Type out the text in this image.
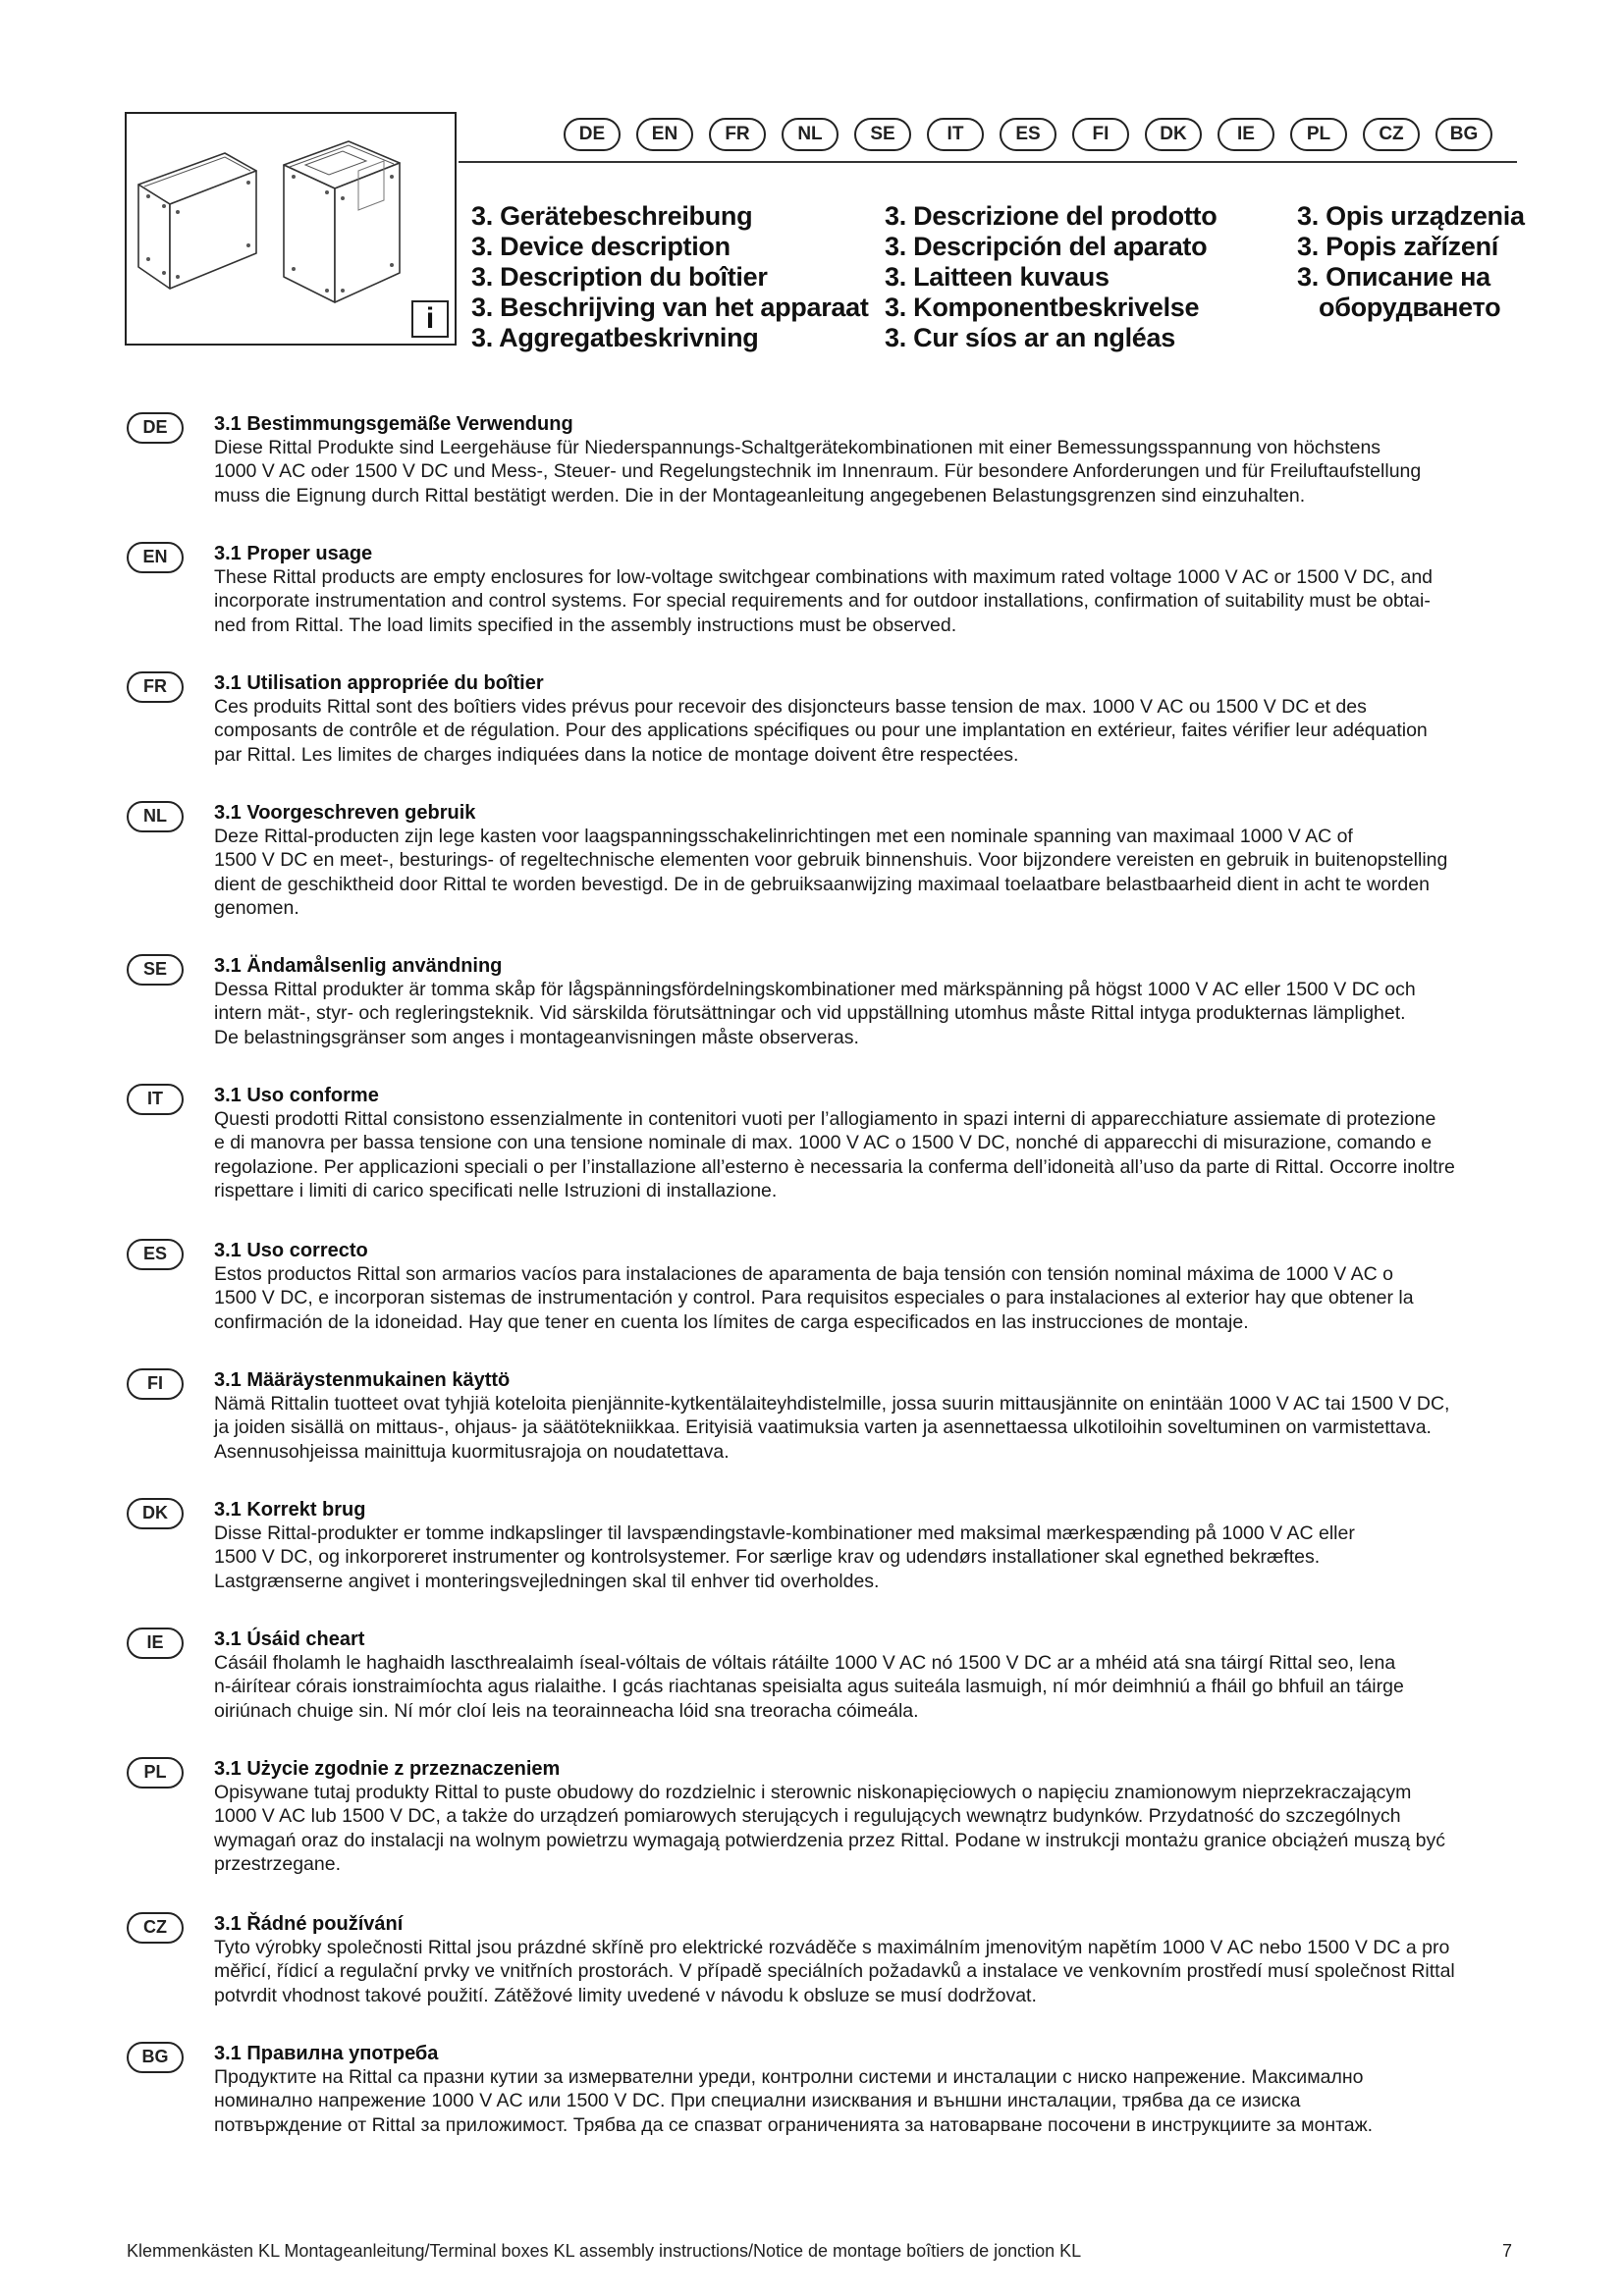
i
DE	EN	FR	NL	SE	IT	ES	FI	DK	IE	PL	CZ	BG
3. Gerätebeschreibung
3. Device description
3. Description du boîtier
3. Beschrijving van het apparaat
3. Aggregatbeskrivning
3. Descrizione del prodotto
3. Descripción del aparato
3. Laitteen kuvaus
3. Komponentbeskrivelse
3. Cur síos ar an ngléas
3. Opis urządzenia
3. Popis zařízení
3. Описание на
оборудването
DE	3.1 Bestimmungsgemäße Verwendung
Diese Rittal Produkte sind Leergehäuse für Niederspannungs-Schaltgerätekombinationen mit einer Bemessungsspannung von höchstens
1000 V AC oder 1500 V DC und Mess-, Steuer- und Regelungstechnik im Innenraum. Für besondere Anforderungen und für Freiluftaufstellung
muss die Eignung durch Rittal bestätigt werden. Die in der Montageanleitung angegebenen Belastungsgrenzen sind einzuhalten.
EN	3.1 Proper usage
These Rittal products are empty enclosures for low-voltage switchgear combinations with maximum rated voltage 1000 V AC or 1500 V DC, and
incorporate instrumentation and control systems. For special requirements and for outdoor installations, confirmation of suitability must be obtai-
ned from Rittal. The load limits specified in the assembly instructions must be observed.
FR	3.1 Utilisation appropriée du boîtier
Ces produits Rittal sont des boîtiers vides prévus pour recevoir des disjoncteurs basse tension de max. 1000 V AC ou 1500 V DC et des
composants de contrôle et de régulation. Pour des applications spécifiques ou pour une implantation en extérieur, faites vérifier leur adéquation
par Rittal. Les limites de charges indiquées dans la notice de montage doivent être respectées.
NL	3.1 Voorgeschreven gebruik
Deze Rittal-producten zijn lege kasten voor laagspanningsschakelinrichtingen met een nominale spanning van maximaal 1000 V AC of
1500 V DC en meet-, besturings- of regeltechnische elementen voor gebruik binnenshuis. Voor bijzondere vereisten en gebruik in buitenopstelling
dient de geschiktheid door Rittal te worden bevestigd. De in de gebruiksaanwijzing maximaal toelaatbare belastbaarheid dient in acht te worden
genomen.
SE	3.1 Ändamålsenlig användning
Dessa Rittal produkter är tomma skåp för lågspänningsfördelningskombinationer med märkspänning på högst 1000 V AC eller 1500 V DC och
intern mät-, styr- och regleringsteknik. Vid särskilda förutsättningar och vid uppställning utomhus måste Rittal intyga produkternas lämplighet.
De belastningsgränser som anges i montageanvisningen måste observeras.
IT	3.1 Uso conforme
Questi prodotti Rittal consistono essenzialmente in contenitori vuoti per l’allogiamento in spazi interni di apparecchiature assiemate di protezione
e di manovra per bassa tensione con una tensione nominale di max. 1000 V AC o 1500 V DC, nonché di apparecchi di misurazione, comando e
regolazione. Per applicazioni speciali o per l’installazione all’esterno è necessaria la conferma dell’idoneità all’uso da parte di Rittal. Occorre inoltre
rispettare i limiti di carico specificati nelle Istruzioni di installazione.
ES	3.1 Uso correcto
Estos productos Rittal son armarios vacíos para instalaciones de aparamenta de baja tensión con tensión nominal máxima de 1000 V AC o
1500 V DC, e incorporan sistemas de instrumentación y control. Para requisitos especiales o para instalaciones al exterior hay que obtener la
confirmación de la idoneidad. Hay que tener en cuenta los límites de carga especificados en las instrucciones de montaje.
FI	3.1 Määräystenmukainen käyttö
Nämä Rittalin tuotteet ovat tyhjiä koteloita pienjännite-kytkentälaiteyhdistelmille, jossa suurin mittausjännite on enintään 1000 V AC tai 1500 V DC,
ja joiden sisällä on mittaus-, ohjaus- ja säätötekniikkaa. Erityisiä vaatimuksia varten ja asennettaessa ulkotiloihin soveltuminen on varmistettava.
Asennusohjeissa mainittuja kuormitusrajoja on noudatettava.
DK	3.1 Korrekt brug
Disse Rittal-produkter er tomme indkapslinger til lavspændingstavle-kombinationer med maksimal mærkespænding på 1000 V AC eller
1500 V DC, og inkorporeret instrumenter og kontrolsystemer. For særlige krav og udendørs installationer skal egnethed bekræftes.
Lastgrænserne angivet i monteringsvejledningen skal til enhver tid overholdes.
IE	3.1 Úsáid cheart
Cásáil fholamh le haghaidh lascthrealaimh íseal-vóltais de vóltais rátáilte 1000 V AC nó 1500 V DC ar a mhéid atá sna táirgí Rittal seo, lena
n-áirítear córais ionstraimíochta agus rialaithe. I gcás riachtanas speisialta agus suiteála lasmuigh, ní mór deimhniú a fháil go bhfuil an táirge
oiriúnach chuige sin. Ní mór cloí leis na teorainneacha lóid sna treoracha cóimeála.
PL	3.1 Użycie zgodnie z przeznaczeniem
Opisywane tutaj produkty Rittal to puste obudowy do rozdzielnic i sterownic niskonapięciowych o napięciu znamionowym nieprzekraczającym
1000 V AC lub 1500 V DC, a także do urządzeń pomiarowych sterujących i regulujących wewnątrz budynków. Przydatność do szczególnych
wymagań oraz do instalacji na wolnym powietrzu wymagają potwierdzenia przez Rittal. Podane w instrukcji montażu granice obciążeń muszą być
przestrzegane.
CZ	3.1 Řádné používání
Tyto výrobky společnosti Rittal jsou prázdné skříně pro elektrické rozváděče s maximálním jmenovitým napětím 1000 V AC nebo 1500 V DC a pro
měřicí, řídicí a regulační prvky ve vnitřních prostorách. V případě speciálních požadavků a instalace ve venkovním prostředí musí společnost Rittal
potvrdit vhodnost takové použití. Zátěžové limity uvedené v návodu k obsluze se musí dodržovat.
BG	3.1 Правилна употреба
Продуктите на Rittal са празни кутии за измервателни уреди, контролни системи и инсталации с ниско напрежение. Максимално
номинално напрежение 1000 V AC или 1500 V DC. При специални изисквания и външни инсталации, трябва да се изиска
потвърждение от Rittal за приложимост. Трябва да се спазват ограниченията за натоварване посочени в инструкциите за монтаж.
Klemmenkästen KL Montageanleitung/Terminal boxes KL assembly instructions/Notice de montage boîtiers de jonction KL	7
